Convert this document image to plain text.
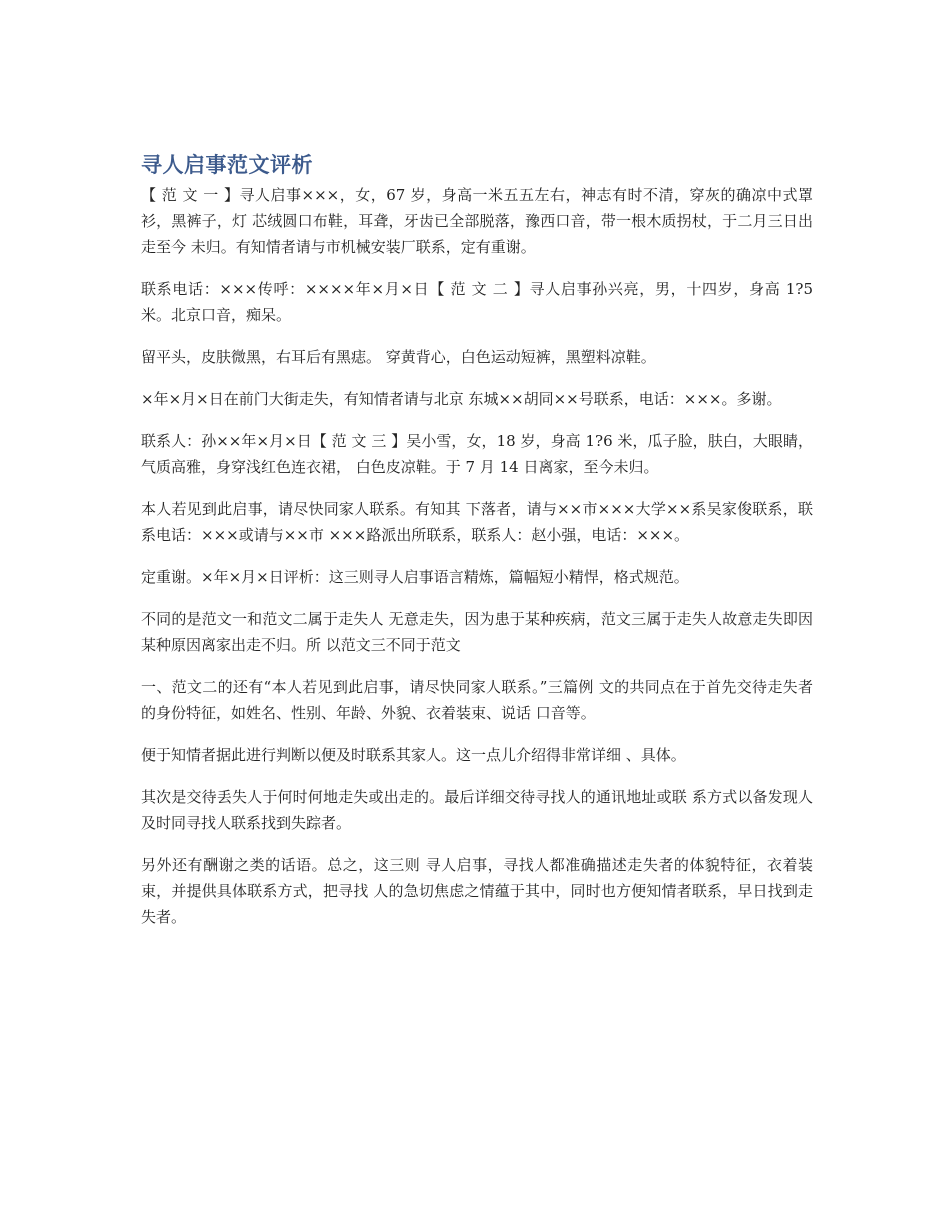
寻人启事范文评析

【 范 文 一 】寻人启事×××，女，67 岁，身高一米五五左右，神志有时不清，穿灰的确凉中式罩衫，黑裤子，灯 芯绒圆口布鞋，耳聋，牙齿已全部脱落，豫西口音，带一根木质拐杖，于二月三日出走至今 未归。有知情者请与市机械安装厂联系，定有重谢。

联系电话：×××传呼：××××年×月×日【 范 文 二 】寻人启事孙兴亮，男，十四岁，身高 1?5 米。北京口音，痴呆。

留平头，皮肤微黑，右耳后有黑痣。 穿黄背心，白色运动短裤，黑塑料凉鞋。

×年×月×日在前门大街走失，有知情者请与北京 东城××胡同××号联系，电话：×××。多谢。

联系人：孙××年×月×日【 范 文 三 】吴小雪，女，18 岁，身高 1?6 米，瓜子脸，肤白，大眼睛，气质高雅，身穿浅红色连衣裙， 白色皮凉鞋。于 7 月 14 日离家，至今未归。

本人若见到此启事，请尽快同家人联系。有知其 下落者，请与××市×××大学××系吴家俊联系，联系电话：×××或请与××市 ×××路派出所联系，联系人：赵小强，电话：×××。

定重谢。×年×月×日评析：这三则寻人启事语言精炼，篇幅短小精悍，格式规范。

不同的是范文一和范文二属于走失人 无意走失，因为患于某种疾病，范文三属于走失人故意走失即因某种原因离家出走不归。所 以范文三不同于范文

一、范文二的还有“本人若见到此启事，请尽快同家人联系。”三篇例 文的共同点在于首先交待走失者的身份特征，如姓名、性别、年龄、外貌、衣着装束、说话 口音等。

便于知情者据此进行判断以便及时联系其家人。这一点儿介绍得非常详细 、具体。

其次是交待丢失人于何时何地走失或出走的。最后详细交待寻找人的通讯地址或联 系方式以备发现人及时同寻找人联系找到失踪者。

另外还有酬谢之类的话语。总之，这三则 寻人启事，寻找人都准确描述走失者的体貌特征，衣着装束，并提供具体联系方式，把寻找 人的急切焦虑之情蕴于其中，同时也方便知情者联系，早日找到走失者。
